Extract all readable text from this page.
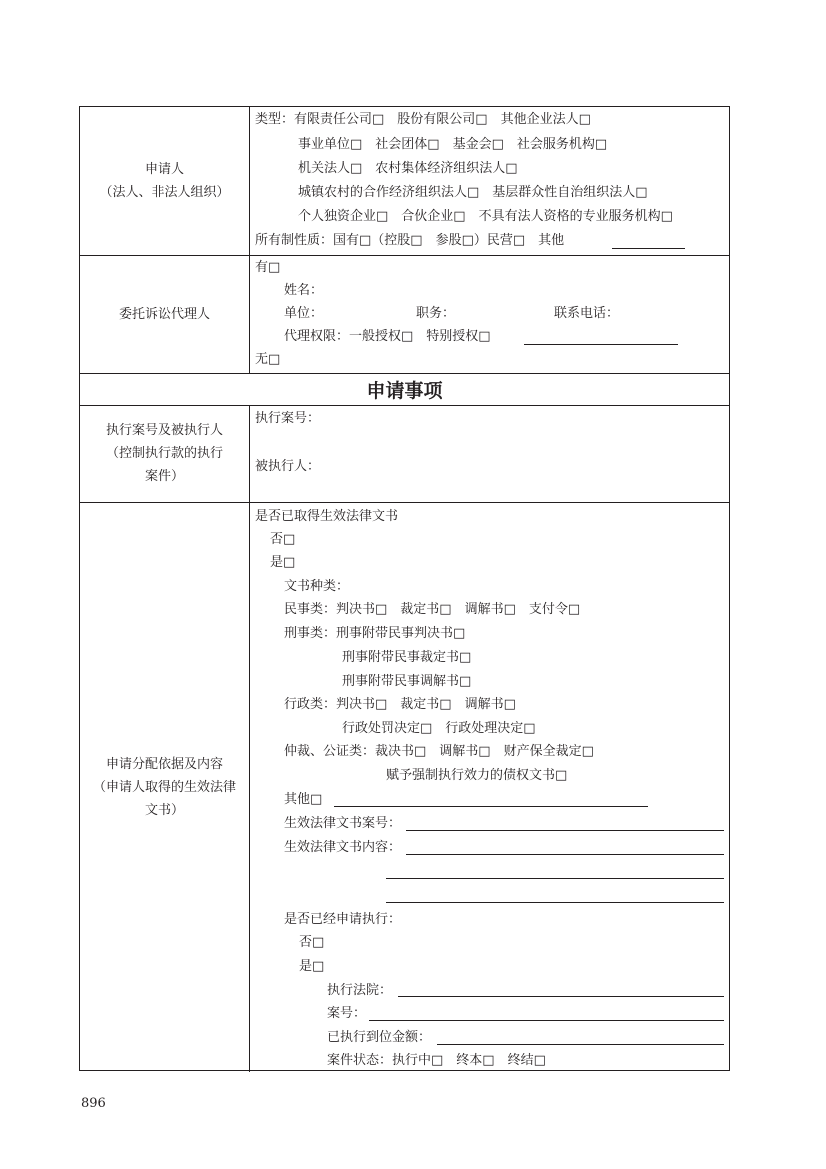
申请人
（法人、非法人组织）
类型：有限责任公司□　股份有限公司□　其他企业法人□
事业单位□　社会团体□　基金会□　社会服务机构□
机关法人□　农村集体经济组织法人□
城镇农村的合作经济组织法人□　基层群众性自治组织法人□
个人独资企业□　合伙企业□　不具有法人资格的专业服务机构□
所有制性质：国有□（控股□　参股□）民营□　其他
委托诉讼代理人
有□
姓名：
单位：	职务：	联系电话：
代理权限：一般授权□　特别授权□
无□
申请事项
执行案号及被执行人
（控制执行款的执行
案件）
执行案号：
被执行人：
申请分配依据及内容
（申请人取得的生效法律
文书）
是否已取得生效法律文书
否□
是□
文书种类：
民事类：判决书□　裁定书□　调解书□　支付令□
刑事类：刑事附带民事判决书□
刑事附带民事裁定书□
刑事附带民事调解书□
行政类：判决书□　裁定书□　调解书□
行政处罚决定□　行政处理决定□
仲裁、公证类：裁决书□　调解书□　财产保全裁定□
赋予强制执行效力的债权文书□
其他□
生效法律文书案号：
生效法律文书内容：
是否已经申请执行：
否□
是□
执行法院：
案号：
已执行到位金额：
案件状态：执行中□　终本□　终结□
896
